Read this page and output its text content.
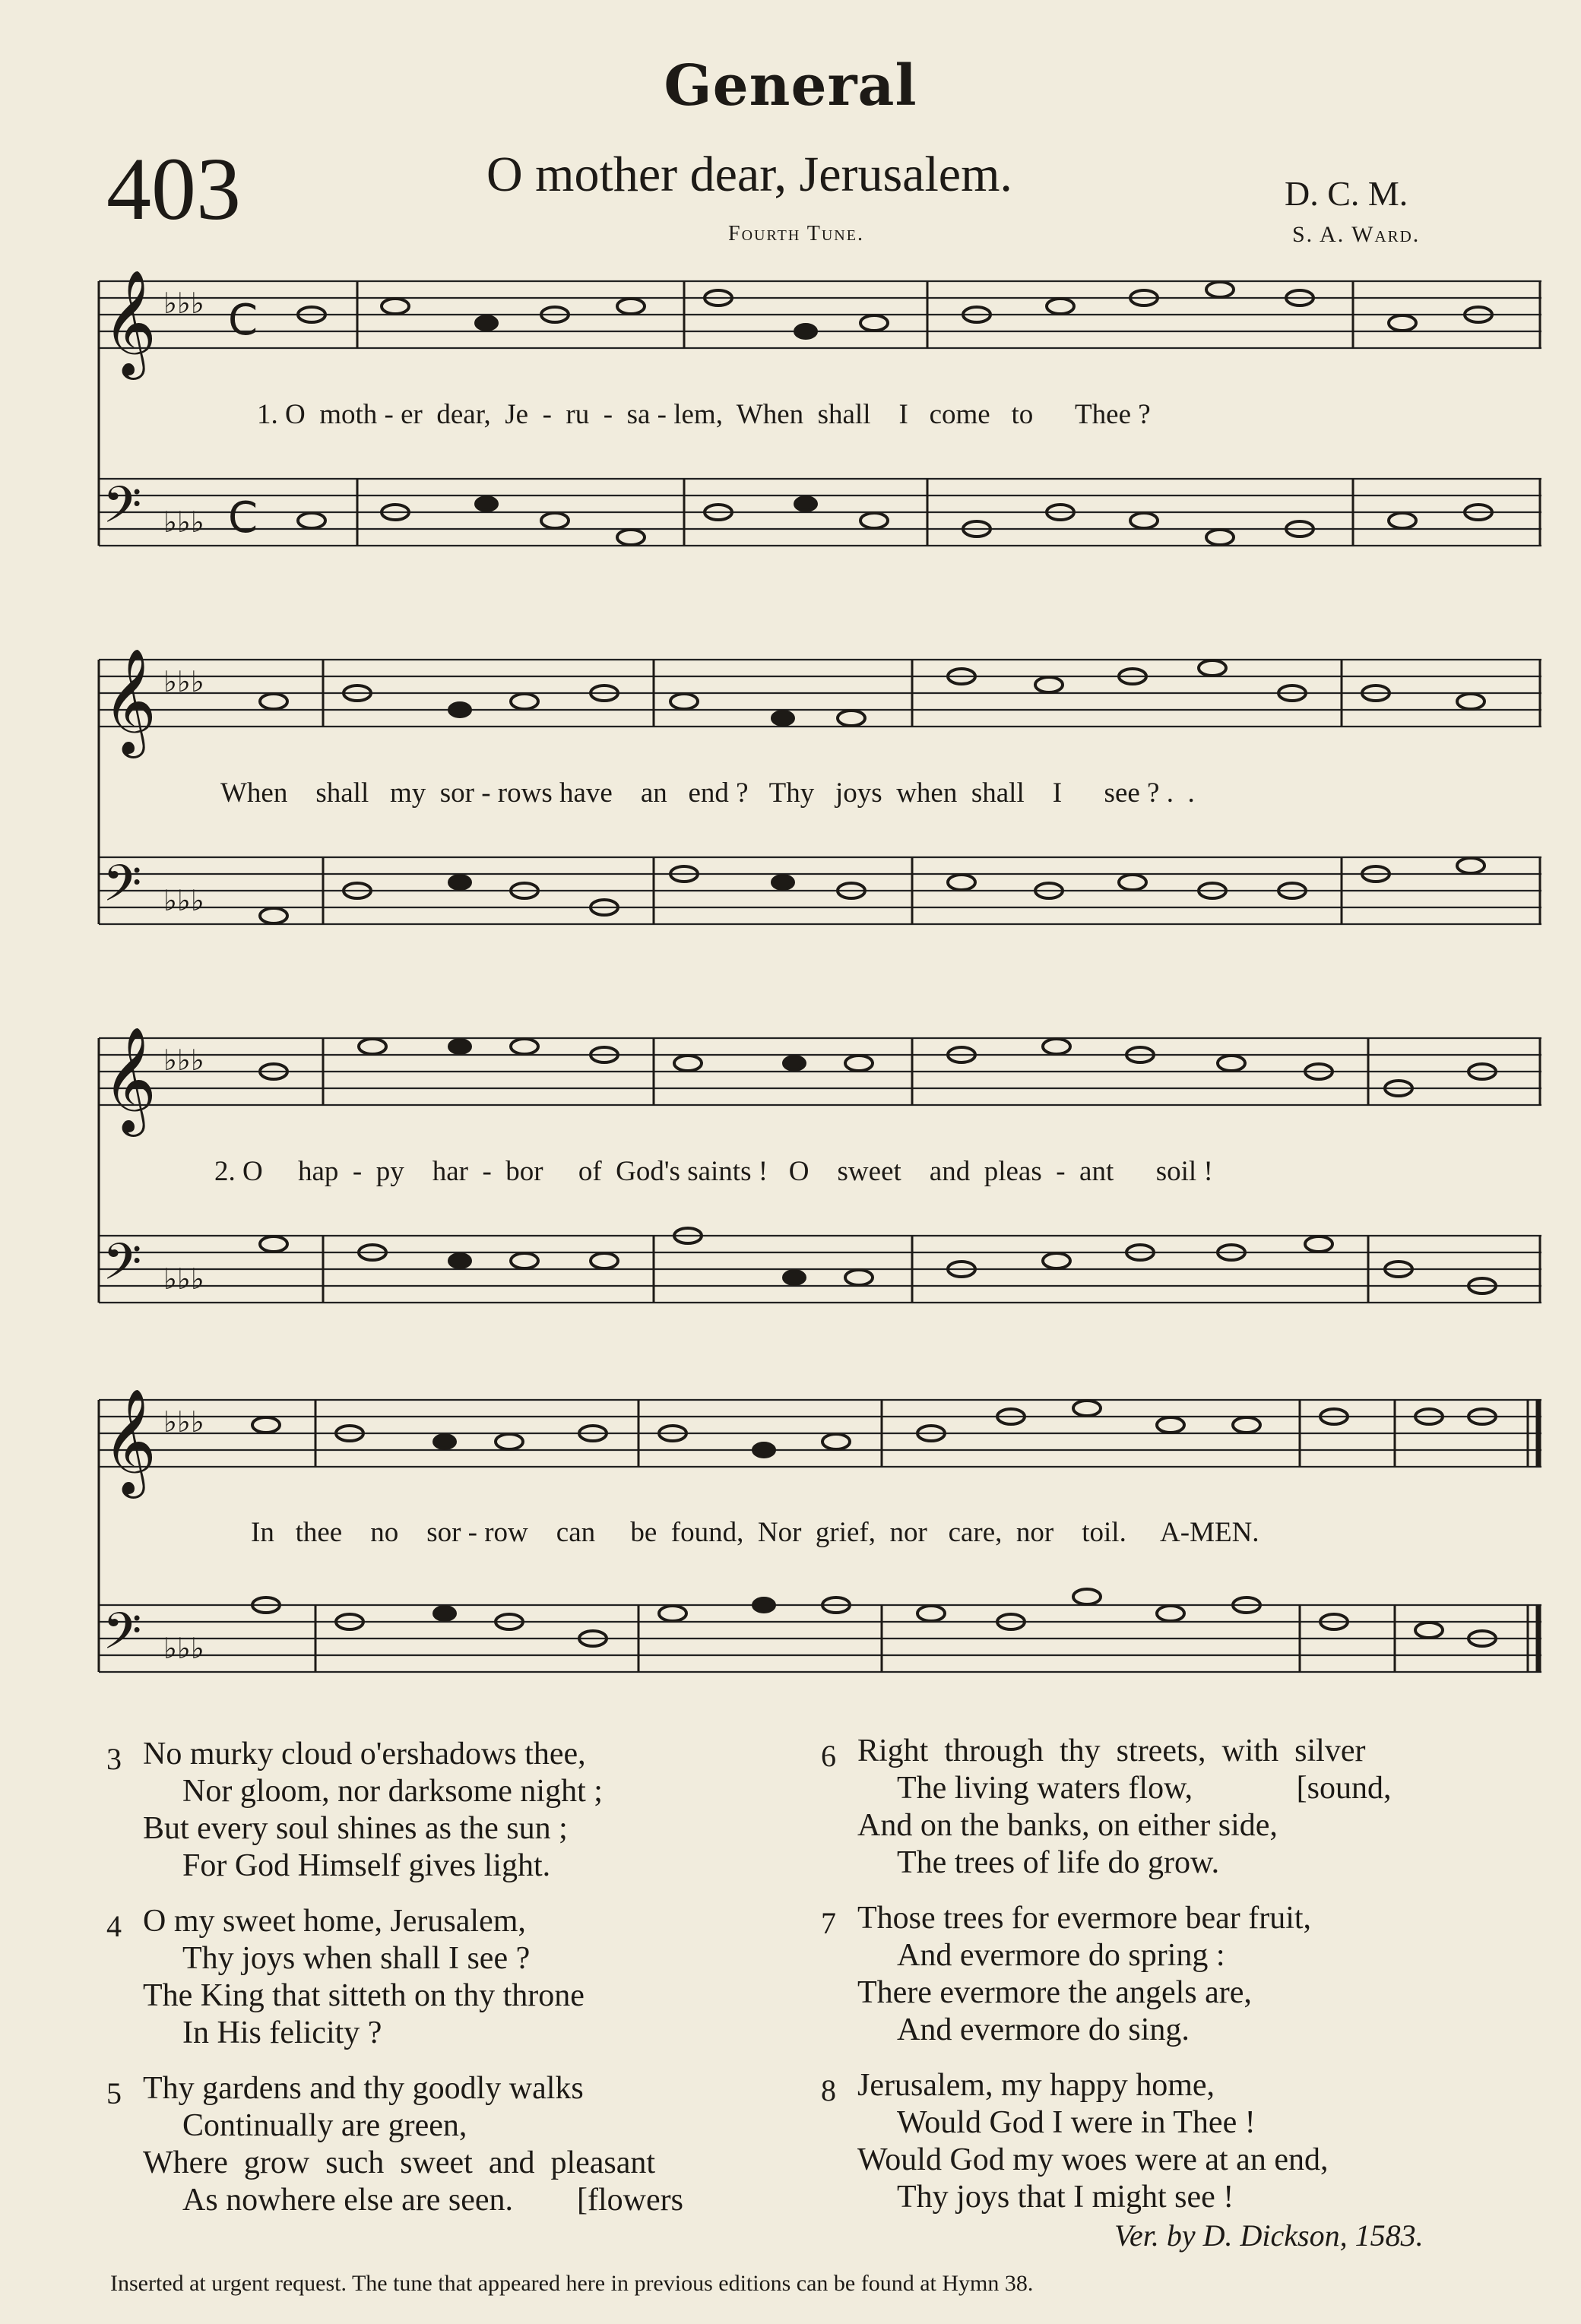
General
403	O mother dear, Jerusalem.	D. C. M.
Fourth Tune.	S. A. Ward.
𝄞
𝄢
♭♭♭
♭♭♭
C
C
1. O  moth - er  dear,  Je  -  ru  -  sa - lem,  When  shall    I   come   to      Thee ?
𝄞
𝄢
♭♭♭
♭♭♭
When    shall   my  sor - rows have    an   end ?   Thy   joys  when  shall    I      see ? .  .
𝄞
𝄢
♭♭♭
♭♭♭
2. O     hap  -  py    har  -  bor     of  God's saints !   O    sweet    and  pleas  -  ant      soil !
𝄞
𝄢
♭♭♭
♭♭♭
In   thee    no    sor - row    can     be  found,  Nor  grief,  nor   care,  nor    toil.     A-MEN.
3 No murky cloud o'ershadows thee,
Nor gloom, nor darksome night ;
But every soul shines as the sun ;
For God Himself gives light.
4 O my sweet home, Jerusalem,
Thy joys when shall I see ?
The King that sitteth on thy throne
In His felicity ?
5 Thy gardens and thy goodly walks
Continually are green,
Where  grow  such  sweet  and  pleasant
As nowhere else are seen.        [flowers
6 Right  through  thy  streets,  with  silver
The living waters flow,             [sound,
And on the banks, on either side,
The trees of life do grow.
7 Those trees for evermore bear fruit,
And evermore do spring :
There evermore the angels are,
And evermore do sing.
8 Jerusalem, my happy home,
Would God I were in Thee !
Would God my woes were at an end,
Thy joys that I might see !
Ver. by D. Dickson, 1583.
Inserted at urgent request. The tune that appeared here in previous editions can be found at Hymn 38.
